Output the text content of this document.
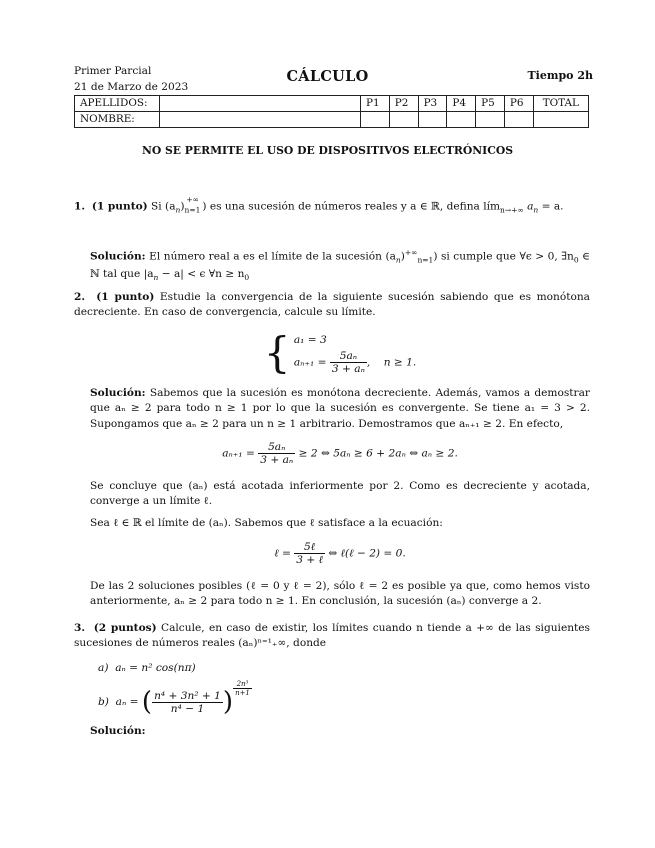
Primer Parcial
21 de Marzo de 2023
CÁLCULO	Tiempo 2h
APELLIDOS:		P1	P2	P3	P4	P5	P6	TOTAL
NOMBRE:								
NO SE PERMITE EL USO DE DISPOSITIVOS ELECTRÓNICOS
1. (1 punto) Si $(a_n)_{n=1}^{+\infty}$ ) es una sucesión de números reales y a ∈ ℝ, defina lím$_{n\to+\infty}$ $a_n = a$.
Solución: El número real a es el límite de la sucesión $(a_n)^{+\infty}_{n=1}$) si cumple que ∀ϵ > 0, $\exists n_0$ ∈ ℕ tal que $|a_n - a| < \epsilon$ ∀n ≥ $n_0$
2. (1 punto) Estudie la convergencia de la siguiente sucesión sabiendo que es monótona decreciente. En caso de convergencia, calcule su límite.
{ a₁ = 3
$a_{n+1} = \frac{\text{5aₙ}}{\text{3 + aₙ}}$ ,    n ≥ 1.
Solución: Sabemos que la sucesión es monótona decreciente. Además, vamos a demostrar que aₙ ≥ 2 para todo n ≥ 1 por lo que la sucesión es convergente. Se tiene a₁ = 3 > 2. Supongamos que aₙ ≥ 2 para un n ≥ 1 arbitrario. Demostramos que aₙ₊₁ ≥ 2. En efecto,
$a_{n+1} = \frac{\text{5aₙ}}{\text{3 + aₙ}} \ge 2$ ⇔ 5aₙ ≥ 6 + 2aₙ ⇔ aₙ ≥ 2.
Se concluye que (aₙ) está acotada inferiormente por 2. Como es decreciente y acotada, converge a un límite ℓ.
Sea ℓ ∈ ℝ el límite de (aₙ). Sabemos que ℓ satisface a la ecuación:
ℓ = $\frac{\text{5ℓ}}{\text{3 + ℓ}}$ ⇔ ℓ(ℓ − 2) = 0.
De las 2 soluciones posibles (ℓ = 0 y ℓ = 2), sólo ℓ = 2 es posible ya que, como hemos visto anteriormente, aₙ ≥ 2 para todo n ≥ 1. En conclusión, la sucesión (aₙ) converge a 2.
3. (2 puntos) Calcule, en caso de existir, los límites cuando n tiende a +∞ de las siguientes sucesiones de números reales (aₙ)ⁿ⁼¹₊∞, donde
a) aₙ = n² cos(nπ)
b) aₙ = ( $\frac{\text{n⁴ + 3n² + 1}}{\text{n⁴ − 1}}$ ) $\frac{\text{2n³}}{n+1}$
Solución:
